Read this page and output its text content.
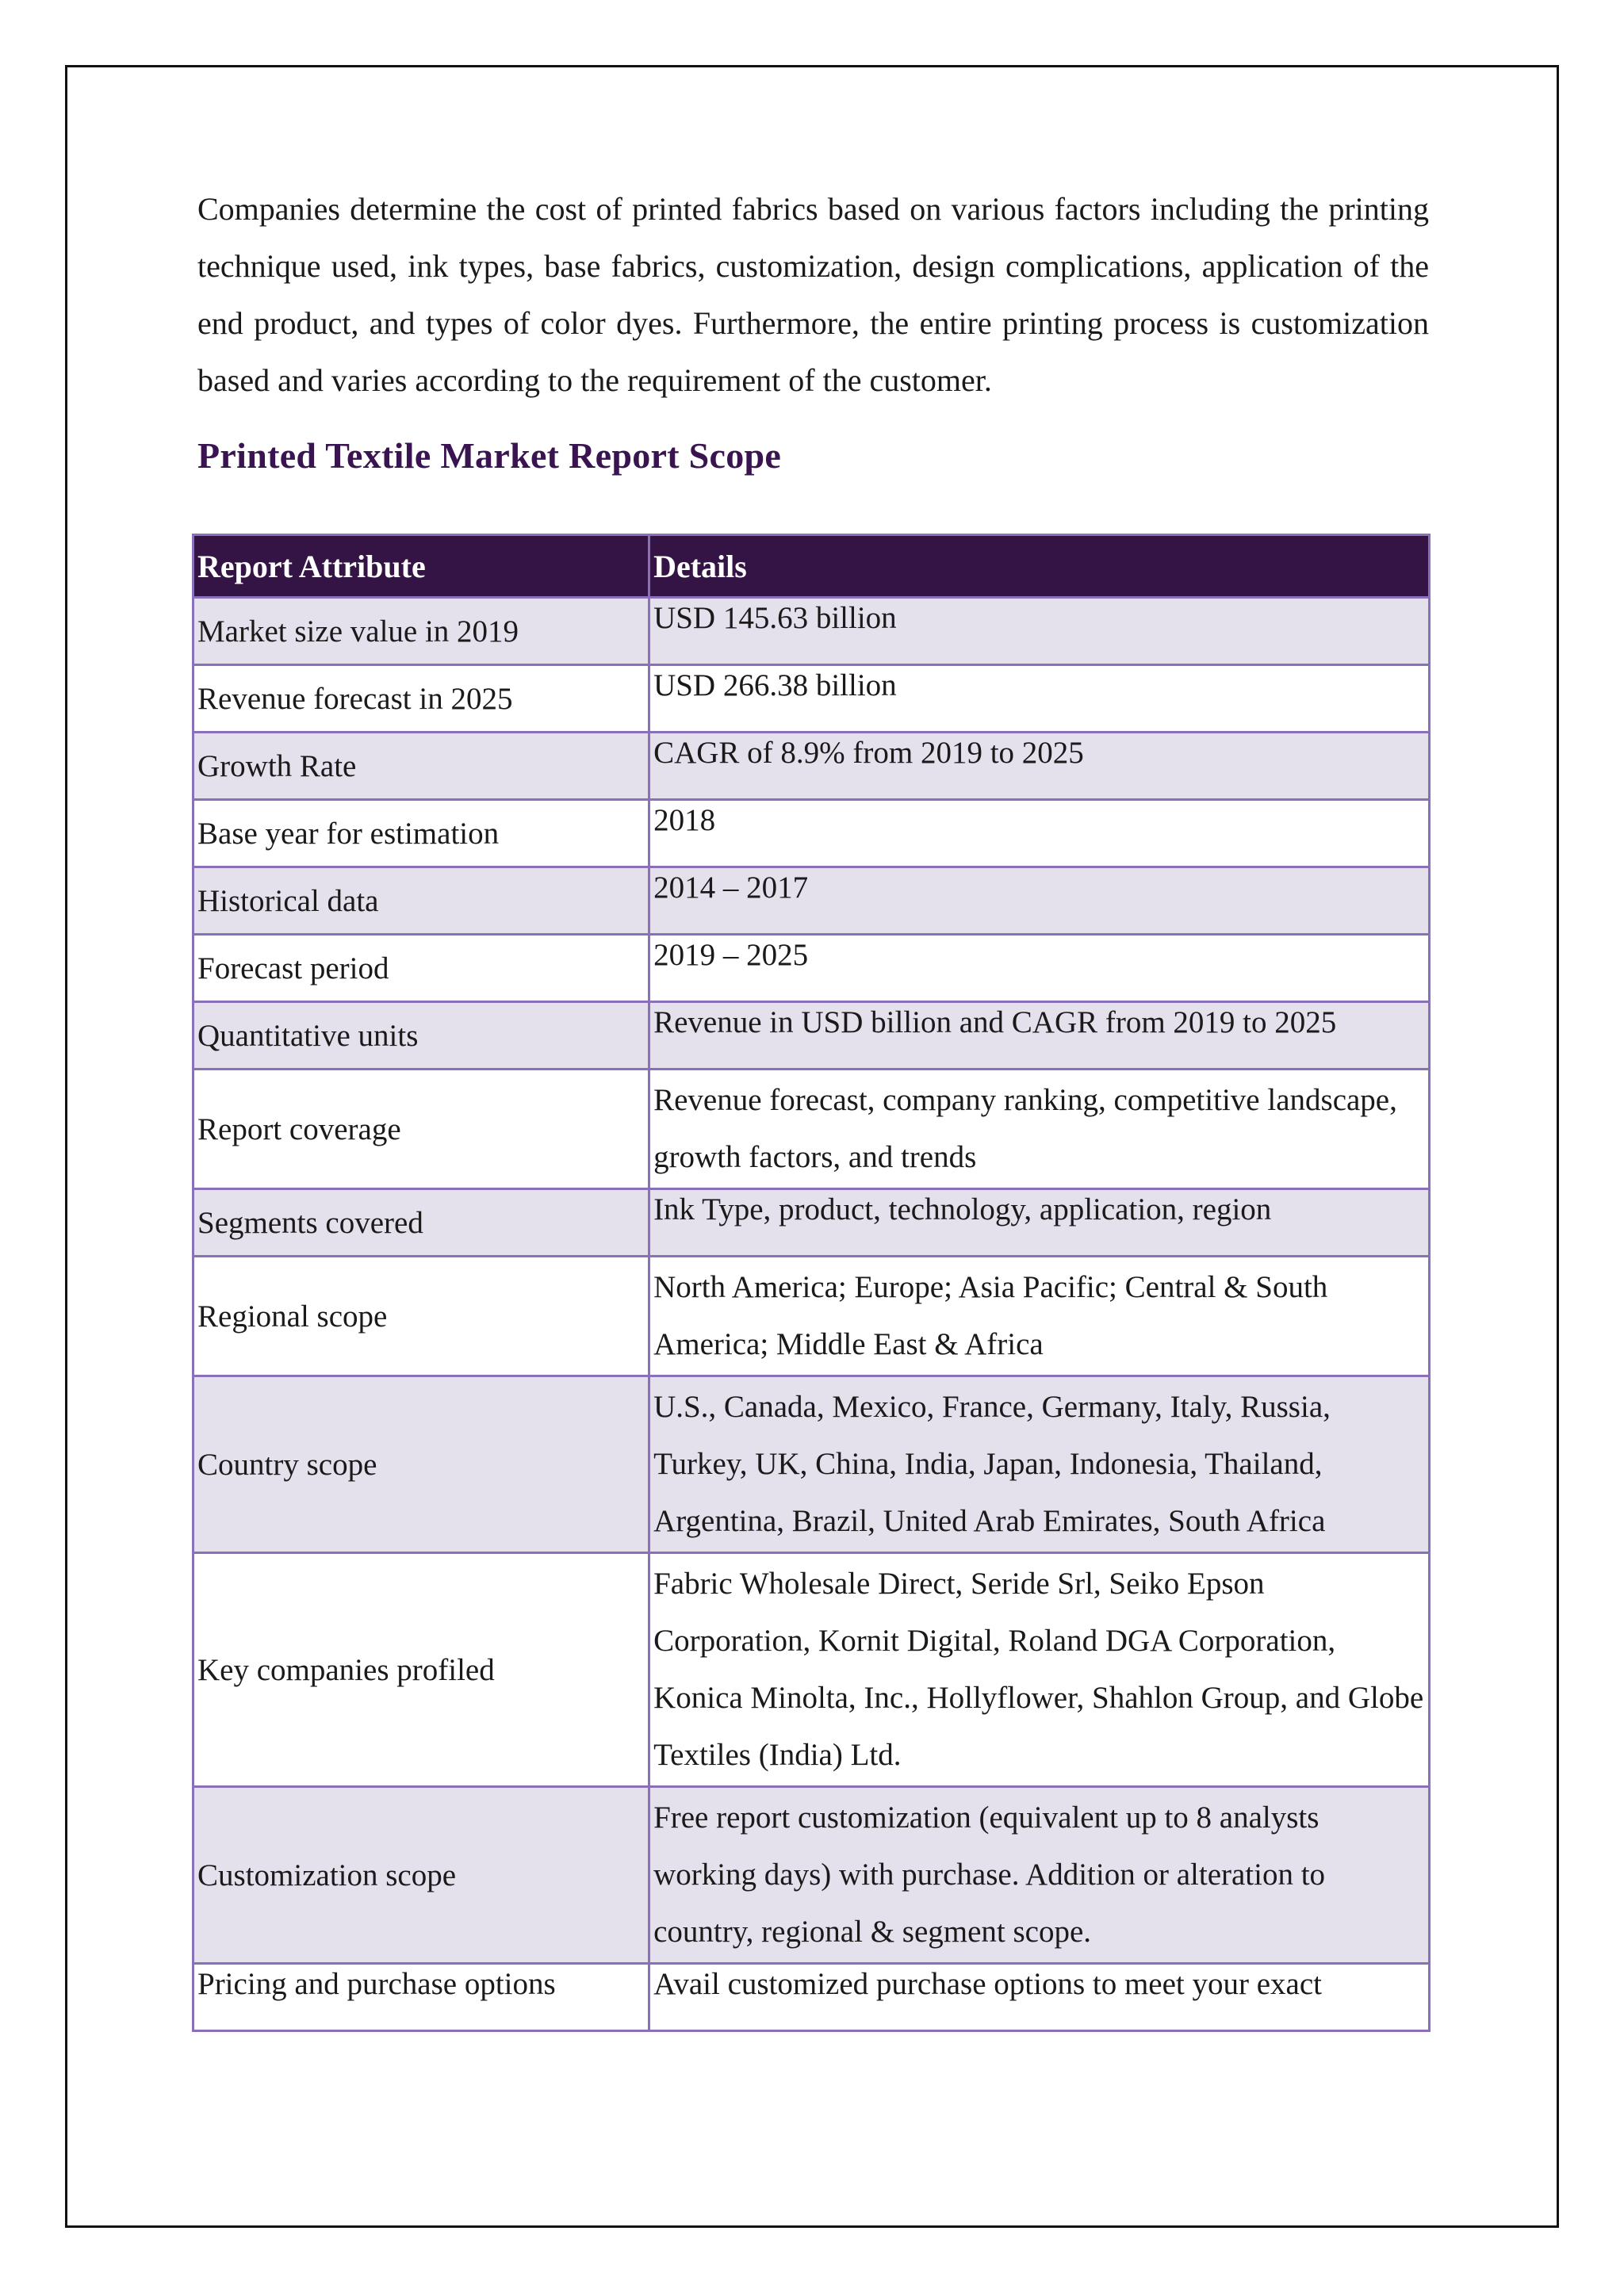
Companies determine the cost of printed fabrics based on various factors including the printing technique used, ink types, base fabrics, customization, design complications, application of the end product, and types of color dyes. Furthermore, the entire printing process is customization based and varies according to the requirement of the customer.

Printed Textile Market Report Scope
Report Attribute	Details
Market size value in 2019	USD 145.63 billion
Revenue forecast in 2025	USD 266.38 billion
Growth Rate	CAGR of 8.9% from 2019 to 2025
Base year for estimation	2018
Historical data	2014 – 2017
Forecast period	2019 – 2025
Quantitative units	Revenue in USD billion and CAGR from 2019 to 2025
Report coverage	Revenue forecast, company ranking, competitive landscape, growth factors, and trends
Segments covered	Ink Type, product, technology, application, region
Regional scope	North America; Europe; Asia Pacific; Central & South America; Middle East & Africa
Country scope	U.S., Canada, Mexico, France, Germany, Italy, Russia, Turkey, UK, China, India, Japan, Indonesia, Thailand, Argentina, Brazil, United Arab Emirates, South Africa
Key companies profiled	Fabric Wholesale Direct, Seride Srl, Seiko Epson Corporation, Kornit Digital, Roland DGA Corporation, Konica Minolta, Inc., Hollyflower, Shahlon Group, and Globe Textiles (India) Ltd.
Customization scope	Free report customization (equivalent up to 8 analysts working days) with purchase. Addition or alteration to country, regional & segment scope.
Pricing and purchase options	Avail customized purchase options to meet your exact
